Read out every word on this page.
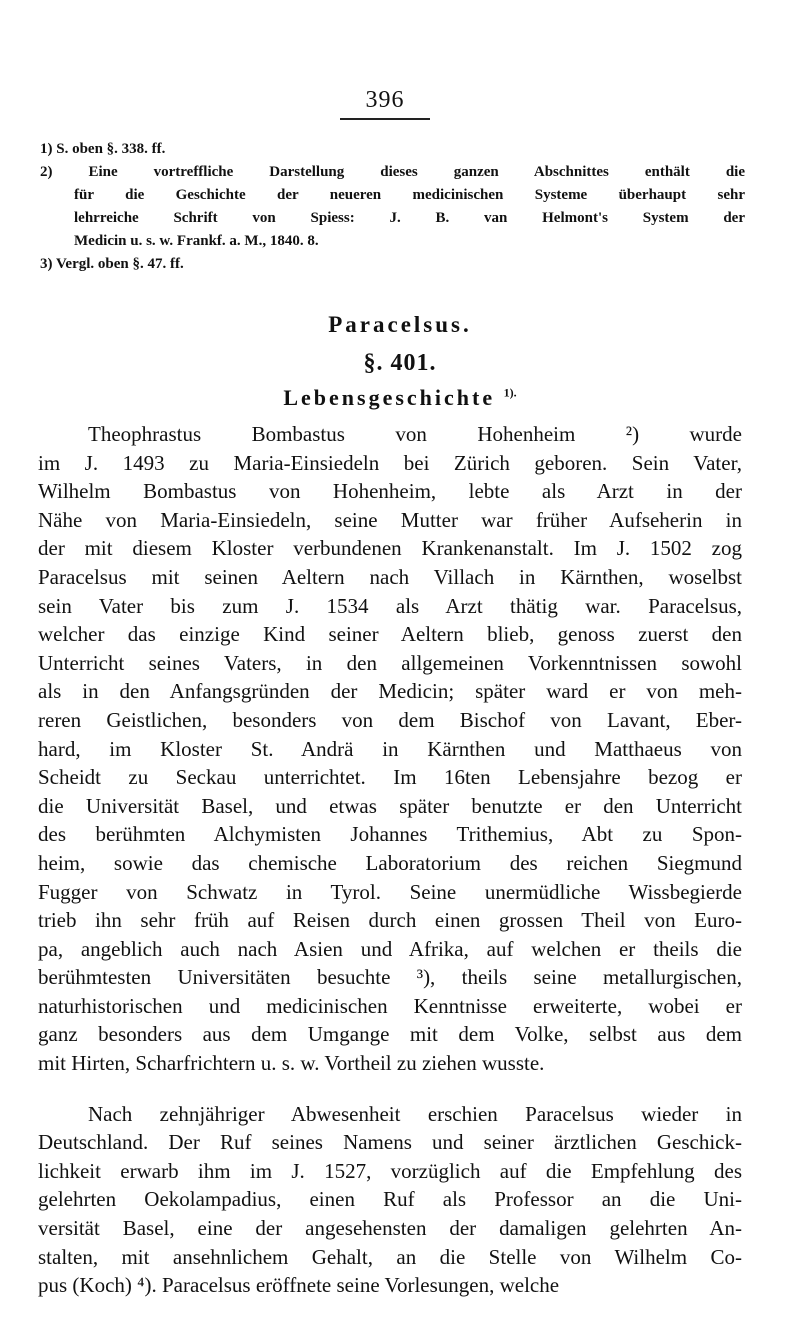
396
1) S. oben §. 338. ff.
2) Eine vortreffliche Darstellung dieses ganzen Abschnittes enthält die
für die Geschichte der neueren medicinischen Systeme überhaupt sehr
lehrreiche Schrift von Spiess: J. B. van Helmont's System der
Medicin u. s. w. Frankf. a. M., 1840. 8.
3) Vergl. oben §. 47. ff.
Paracelsus.
§. 401.
Lebensgeschichte $^{1).}$
Theophrastus Bombastus von Hohenheim ²) wurde
im J. 1493 zu Maria-Einsiedeln bei Zürich geboren. Sein Vater,
Wilhelm Bombastus von Hohenheim, lebte als Arzt in der
Nähe von Maria-Einsiedeln, seine Mutter war früher Aufseherin in
der mit diesem Kloster verbundenen Krankenanstalt. Im J. 1502 zog
Paracelsus mit seinen Aeltern nach Villach in Kärnthen, woselbst
sein Vater bis zum J. 1534 als Arzt thätig war. Paracelsus,
welcher das einzige Kind seiner Aeltern blieb, genoss zuerst den
Unterricht seines Vaters, in den allgemeinen Vorkenntnissen sowohl
als in den Anfangsgründen der Medicin; später ward er von meh-
reren Geistlichen, besonders von dem Bischof von Lavant, Eber-
hard, im Kloster St. Andrä in Kärnthen und Matthaeus von
Scheidt zu Seckau unterrichtet. Im 16ten Lebensjahre bezog er
die Universität Basel, und etwas später benutzte er den Unterricht
des berühmten Alchymisten Johannes Trithemius, Abt zu Spon-
heim, sowie das chemische Laboratorium des reichen Siegmund
Fugger von Schwatz in Tyrol. Seine unermüdliche Wissbegierde
trieb ihn sehr früh auf Reisen durch einen grossen Theil von Euro-
pa, angeblich auch nach Asien und Afrika, auf welchen er theils die
berühmtesten Universitäten besuchte ³), theils seine metallurgischen,
naturhistorischen und medicinischen Kenntnisse erweiterte, wobei er
ganz besonders aus dem Umgange mit dem Volke, selbst aus dem
mit Hirten, Scharfrichtern u. s. w. Vortheil zu ziehen wusste.
Nach zehnjähriger Abwesenheit erschien Paracelsus wieder in
Deutschland. Der Ruf seines Namens und seiner ärztlichen Geschick-
lichkeit erwarb ihm im J. 1527, vorzüglich auf die Empfehlung des
gelehrten Oekolampadius, einen Ruf als Professor an die Uni-
versität Basel, eine der angesehensten der damaligen gelehrten An-
stalten, mit ansehnlichem Gehalt, an die Stelle von Wilhelm Co-
pus (Koch) ⁴). Paracelsus eröffnete seine Vorlesungen, welche
